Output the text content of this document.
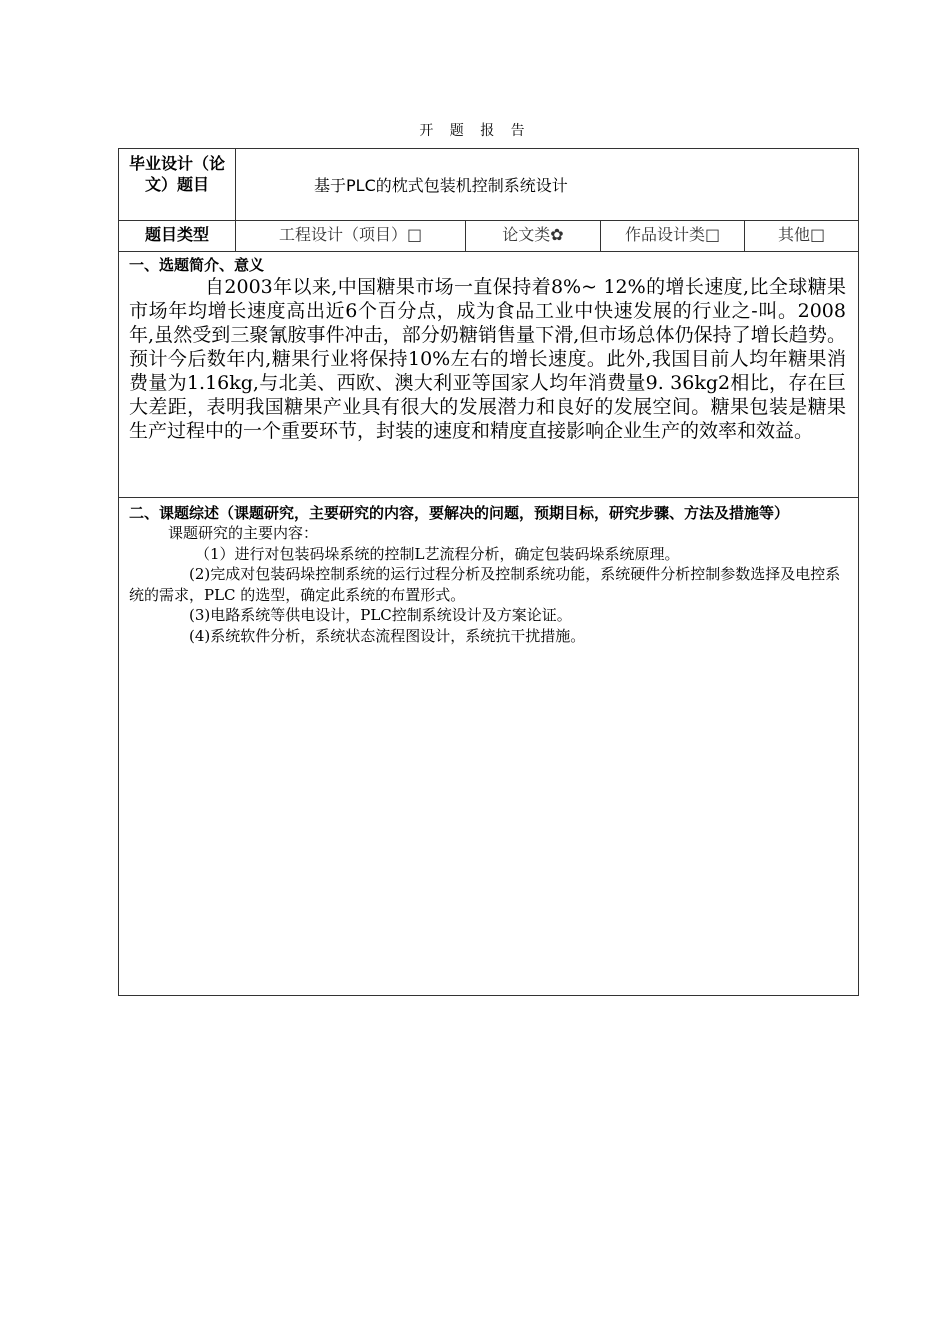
开 题 报 告
毕业设计（论文）题目	基于PLC的枕式包装机控制系统设计
题目类型	工程设计（项目）□	论文类✿	作品设计类□	其他□
一、选题简介、意义

自2003年以来,中国糖果市场一直保持着8%~ 12%的增长速度,比全球糖果市场年均增长速度高出近6个百分点，成为食品工业中快速发展的行业之-叫。2008年,虽然受到三聚氰胺事件冲击，部分奶糖销售量下滑,但市场总体仍保持了增长趋势。预计今后数年内,糖果行业将保持10%左右的增长速度。此外,我国目前人均年糖果消费量为1.16kg,与北美、西欧、澳大利亚等国家人均年消费量9. 36kg2相比，存在巨大差距，表明我国糖果产业具有很大的发展潜力和良好的发展空间。糖果包装是糖果生产过程中的一个重要环节，封装的速度和精度直接影响企业生产的效率和效益。

二、课题综述（课题研究，主要研究的内容，要解决的问题，预期目标，研究步骤、方法及措施等）

课题研究的主要内容：

（1）进行对包装码垛系统的控制L艺流程分析，确定包装码垛系统原理。

(2)完成对包装码垛控制系统的运行过程分析及控制系统功能，系统硬件分析控制参数选择及电控系统的需求，PLC 的选型，确定此系统的布置形式。

(3)电路系统等供电设计，PLC控制系统设计及方案论证。

(4)系统软件分析，系统状态流程图设计，系统抗干扰措施。
